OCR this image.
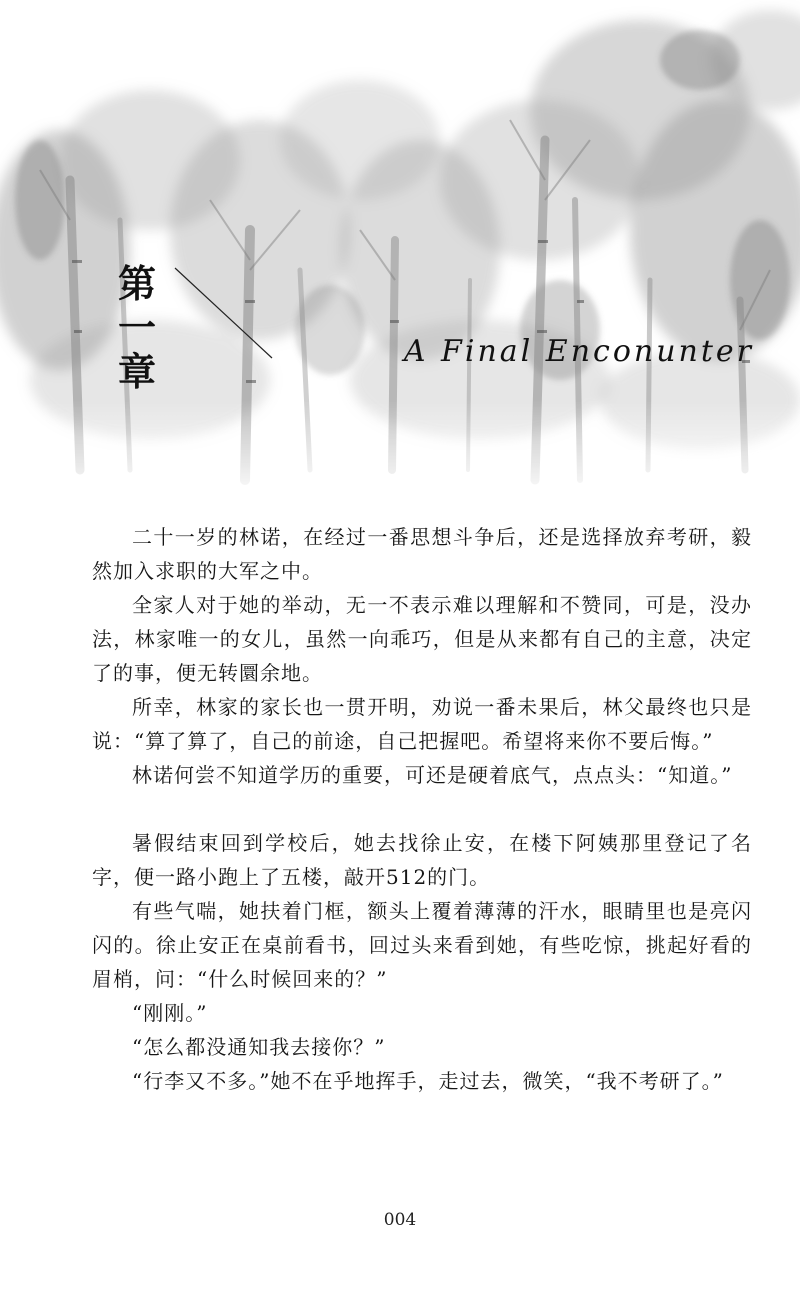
第
一
章	A Final Enconunter

二十一岁的林诺，在经过一番思想斗争后，还是选择放弃考研，毅然加入求职的大军之中。

全家人对于她的举动，无一不表示难以理解和不赞同，可是，没办法，林家唯一的女儿，虽然一向乖巧，但是从来都有自己的主意，决定了的事，便无转圜余地。

所幸，林家的家长也一贯开明，劝说一番未果后，林父最终也只是说：“算了算了，自己的前途，自己把握吧。希望将来你不要后悔。”

林诺何尝不知道学历的重要，可还是硬着底气，点点头：“知道。”

暑假结束回到学校后，她去找徐止安，在楼下阿姨那里登记了名字，便一路小跑上了五楼，敲开512的门。

有些气喘，她扶着门框，额头上覆着薄薄的汗水，眼睛里也是亮闪闪的。徐止安正在桌前看书，回过头来看到她，有些吃惊，挑起好看的眉梢，问：“什么时候回来的？”

“刚刚。”

“怎么都没通知我去接你？”

“行李又不多。”她不在乎地挥手，走过去，微笑，“我不考研了。”

004
